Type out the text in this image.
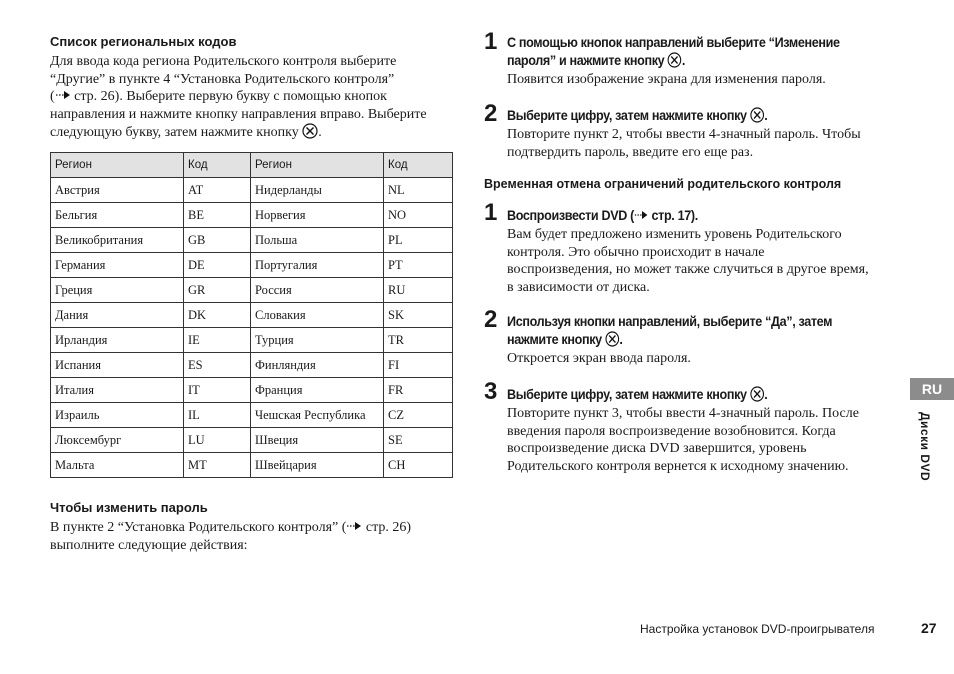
Список региональных кодов
Для ввода кода региона Родительского контроля выберите
“Другие” в пункте 4 “Установка Родительского контроля”
( стр. 26). Выберите первую букву с помощью кнопок
направления и нажмите кнопку направления вправо. Выберите
следующую букву, затем нажмите кнопку .
Регион	Код	Регион	Код
Австрия	AT	Нидерланды	NL
Бельгия	BE	Норвегия	NO
Великобритания	GB	Польша	PL
Германия	DE	Португалия	PT
Греция	GR	Россия	RU
Дания	DK	Словакия	SK
Ирландия	IE	Турция	TR
Испания	ES	Финляндия	FI
Италия	IT	Франция	FR
Израиль	IL	Чешская Республика	CZ
Люксембург	LU	Швеция	SE
Мальта	MT	Швейцария	CH
Чтобы изменить пароль
В пункте 2 “Установка Родительского контроля” ( стр. 26)
выполните следующие действия:
1 С помощью кнопок направлений выберите “Изменение
пароля” и нажмите кнопку .
Появится изображение экрана для изменения пароля.
2 Выберите цифру, затем нажмите кнопку .
Повторите пункт 2, чтобы ввести 4-значный пароль. Чтобы
подтвердить пароль, введите его еще раз.
Временная отмена ограничений родительского контроля
1 Воспроизвести DVD ( стр. 17).
Вам будет предложено изменить уровень Родительского
контроля. Это обычно происходит в начале
воспроизведения, но может также случиться в другое время,
в зависимости от диска.
2 Используя кнопки направлений, выберите “Да”, затем
нажмите кнопку .
Откроется экран ввода пароля.
3 Выберите цифру, затем нажмите кнопку .
Повторите пункт 3, чтобы ввести 4-значный пароль. После
введения пароля воспроизведение возобновится. Когда
воспроизведение диска DVD завершится, уровень
Родительского контроля вернется к исходному значению.
RU
Диски DVD
Настройка установок DVD-проигрывателя	27
